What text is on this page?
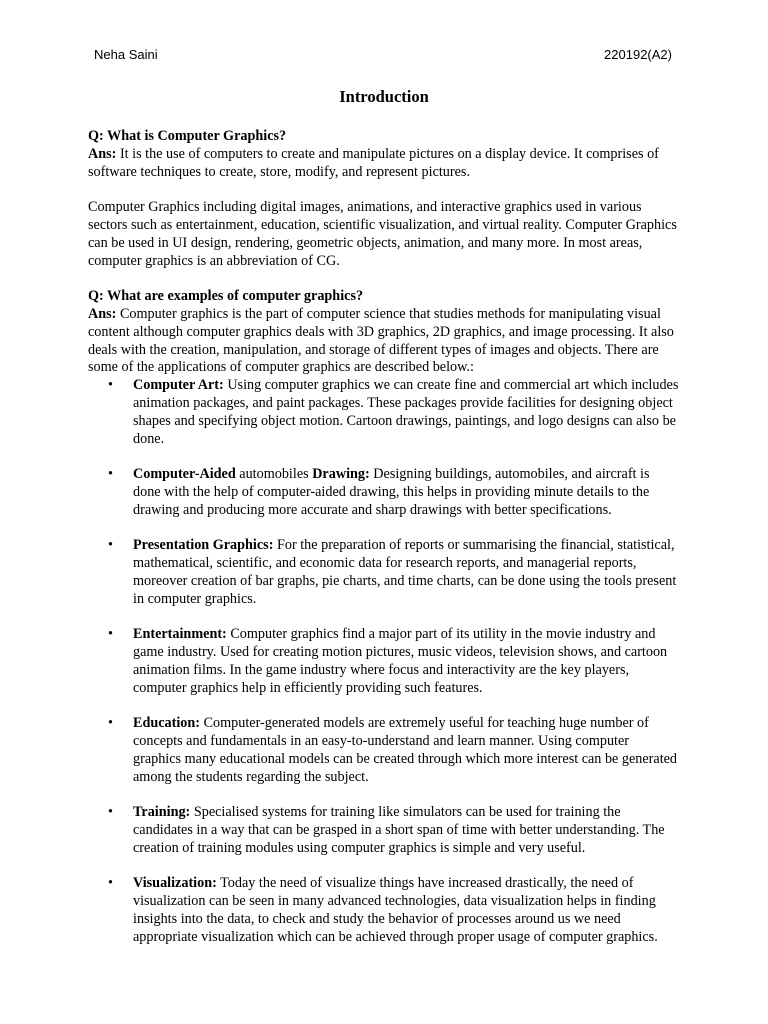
Neha Saini	220192(A2)
Introduction

Q: What is Computer Graphics?

Ans: It is the use of computers to create and manipulate pictures on a display device. It comprises of software techniques to create, store, modify, and represent pictures.

Computer Graphics including digital images, animations, and interactive graphics used in various sectors such as entertainment, education, scientific visualization, and virtual reality. Computer Graphics can be used in UI design, rendering, geometric objects, animation, and many more. In most areas, computer graphics is an abbreviation of CG.

Q: What are examples of computer graphics?

Ans: Computer graphics is the part of computer science that studies methods for manipulating visual content although computer graphics deals with 3D graphics, 2D graphics, and image processing. It also deals with the creation, manipulation, and storage of different types of images and objects. There are some of the applications of computer graphics are described below.:

• Computer Art: Using computer graphics we can create fine and commercial art which includes animation packages, and paint packages. These packages provide facilities for designing object shapes and specifying object motion. Cartoon drawings, paintings, and logo designs can also be done.
• Computer-Aided automobiles Drawing: Designing buildings, automobiles, and aircraft is done with the help of computer-aided drawing, this helps in providing minute details to the drawing and producing more accurate and sharp drawings with better specifications.
• Presentation Graphics: For the preparation of reports or summarising the financial, statistical, mathematical, scientific, and economic data for research reports, and managerial reports, moreover creation of bar graphs, pie charts, and time charts, can be done using the tools present in computer graphics.
• Entertainment: Computer graphics find a major part of its utility in the movie industry and game industry. Used for creating motion pictures, music videos, television shows, and cartoon animation films. In the game industry where focus and interactivity are the key players, computer graphics help in efficiently providing such features.
• Education: Computer-generated models are extremely useful for teaching huge number of concepts and fundamentals in an easy-to-understand and learn manner. Using computer graphics many educational models can be created through which more interest can be generated among the students regarding the subject.
• Training: Specialised systems for training like simulators can be used for training the candidates in a way that can be grasped in a short span of time with better understanding. The creation of training modules using computer graphics is simple and very useful.
• Visualization: Today the need of visualize things have increased drastically, the need of visualization can be seen in many advanced technologies, data visualization helps in finding insights into the data, to check and study the behavior of processes around us we need appropriate visualization which can be achieved through proper usage of computer graphics.
